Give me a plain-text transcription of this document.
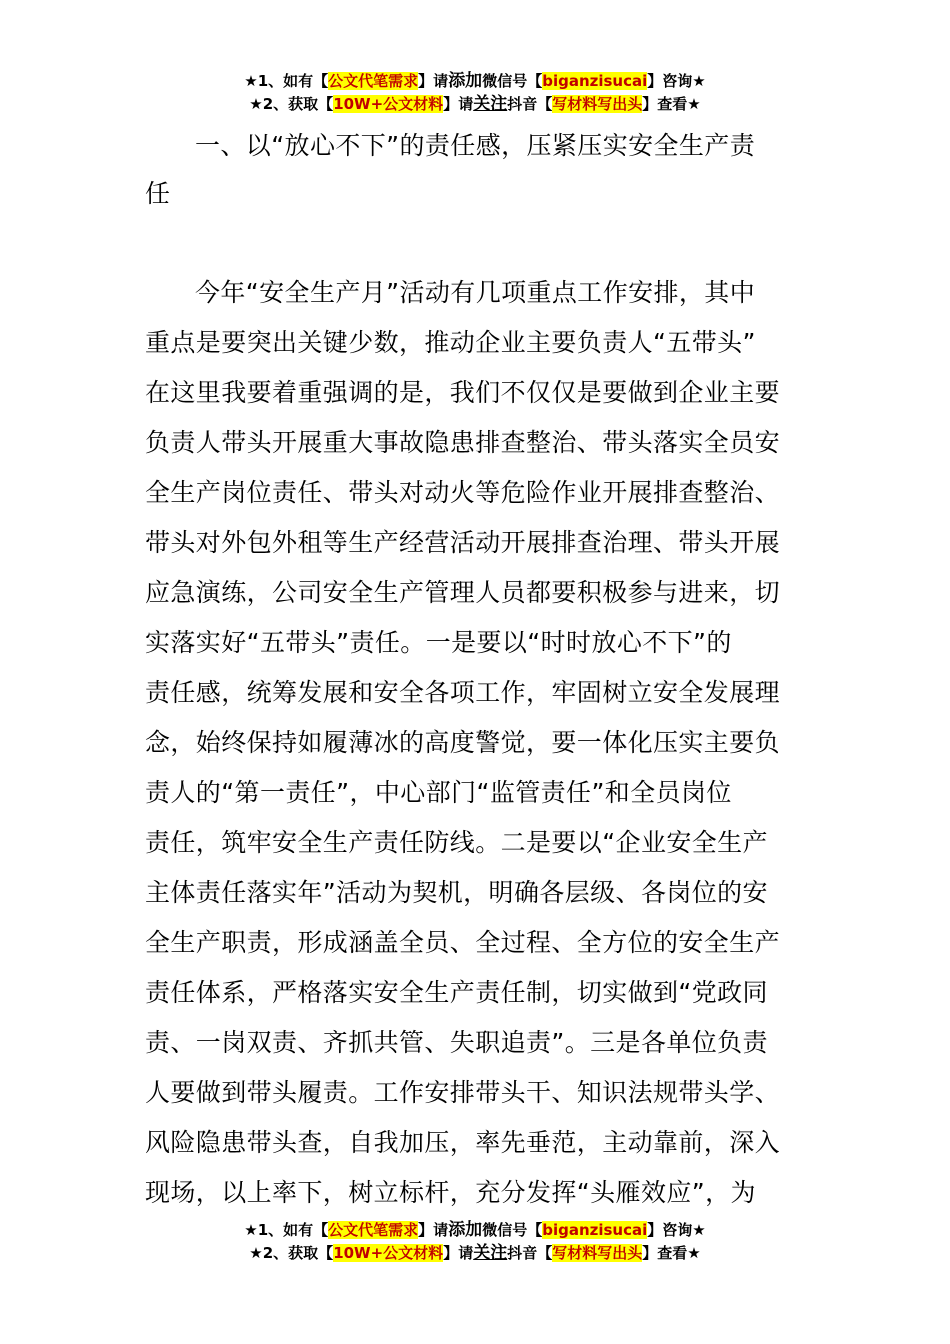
★1、如有【公文代笔需求】请添加微信号【biganzisucai】咨询★
★2、获取【10W+公文材料】请关注抖音【写材料写出头】查看★
一、以“放心不下”的责任感，压紧压实安全生产责
任
今年“安全生产月”活动有几项重点工作安排，其中
重点是要突出关键少数，推动企业主要负责人“五带头”
在这里我要着重强调的是，我们不仅仅是要做到企业主要
负责人带头开展重大事故隐患排查整治、带头落实全员安
全生产岗位责任、带头对动火等危险作业开展排查整治、
带头对外包外租等生产经营活动开展排查治理、带头开展
应急演练，公司安全生产管理人员都要积极参与进来，切
实落实好“五带头”责任。一是要以“时时放心不下”的
责任感，统筹发展和安全各项工作，牢固树立安全发展理
念，始终保持如履薄冰的高度警觉，要一体化压实主要负
责人的“第一责任”，中心部门“监管责任”和全员岗位
责任，筑牢安全生产责任防线。二是要以“企业安全生产
主体责任落实年”活动为契机，明确各层级、各岗位的安
全生产职责，形成涵盖全员、全过程、全方位的安全生产
责任体系，严格落实安全生产责任制，切实做到“党政同
责、一岗双责、齐抓共管、失职追责”。三是各单位负责
人要做到带头履责。工作安排带头干、知识法规带头学、
风险隐患带头查，自我加压，率先垂范，主动靠前，深入
现场，以上率下，树立标杆，充分发挥“头雁效应”，为
★1、如有【公文代笔需求】请添加微信号【biganzisucai】咨询★
★2、获取【10W+公文材料】请关注抖音【写材料写出头】查看★
